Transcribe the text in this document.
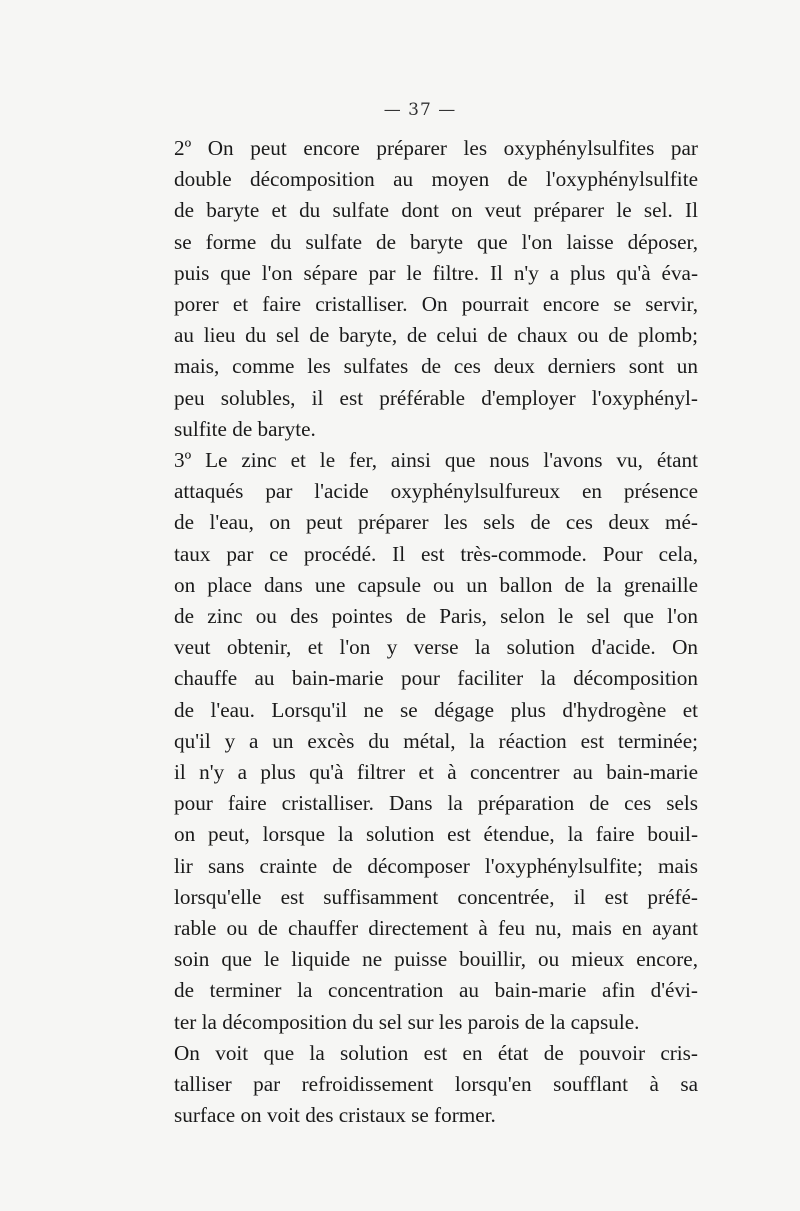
— 37 —
2º On peut encore préparer les oxyphénylsulfites par
double décomposition au moyen de l'oxyphénylsulfite
de baryte et du sulfate dont on veut préparer le sel. Il
se forme du sulfate de baryte que l'on laisse déposer,
puis que l'on sépare par le filtre. Il n'y a plus qu'à éva-
porer et faire cristalliser. On pourrait encore se servir,
au lieu du sel de baryte, de celui de chaux ou de plomb;
mais, comme les sulfates de ces deux derniers sont un
peu solubles, il est préférable d'employer l'oxyphényl-
sulfite de baryte.
3º Le zinc et le fer, ainsi que nous l'avons vu, étant
attaqués par l'acide oxyphénylsulfureux en présence
de l'eau, on peut préparer les sels de ces deux mé-
taux par ce procédé. Il est très-commode. Pour cela,
on place dans une capsule ou un ballon de la grenaille
de zinc ou des pointes de Paris, selon le sel que l'on
veut obtenir, et l'on y verse la solution d'acide. On
chauffe au bain-marie pour faciliter la décomposition
de l'eau. Lorsqu'il ne se dégage plus d'hydrogène et
qu'il y a un excès du métal, la réaction est terminée;
il n'y a plus qu'à filtrer et à concentrer au bain-marie
pour faire cristalliser. Dans la préparation de ces sels
on peut, lorsque la solution est étendue, la faire bouil-
lir sans crainte de décomposer l'oxyphénylsulfite; mais
lorsqu'elle est suffisamment concentrée, il est préfé-
rable ou de chauffer directement à feu nu, mais en ayant
soin que le liquide ne puisse bouillir, ou mieux encore,
de terminer la concentration au bain-marie afin d'évi-
ter la décomposition du sel sur les parois de la capsule.
On voit que la solution est en état de pouvoir cris-
talliser par refroidissement lorsqu'en soufflant à sa
surface on voit des cristaux se former.
